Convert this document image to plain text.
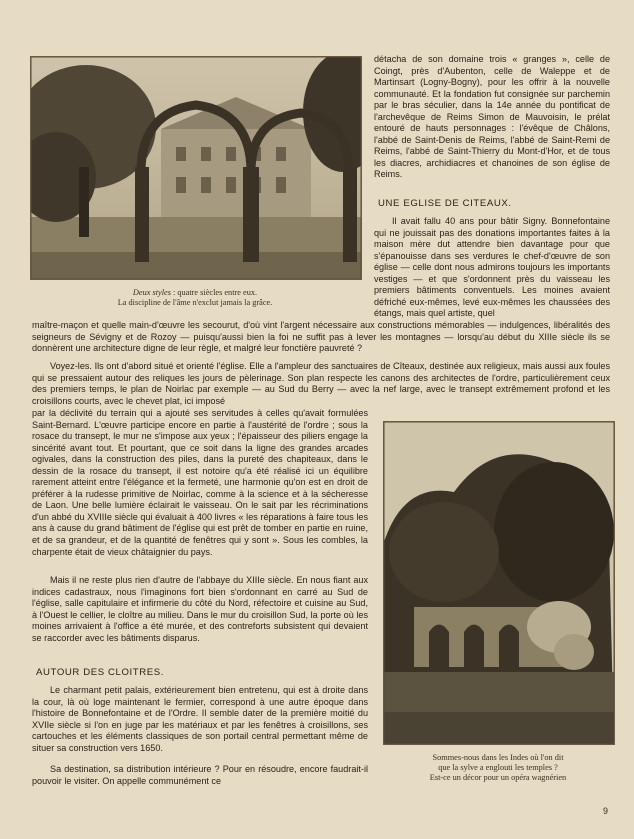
Deux styles : quatre siècles entre eux.
La discipline de l'âme n'exclut jamais la grâce.

détacha de son domaine trois « granges », celle de Coingt, près d'Aubenton, celle de Waleppe et de Martinsart (Logny-Bogny), pour les offrir à la nouvelle communauté. Et la fondation fut consignée sur parchemin par le bras séculier, dans la 14e année du pontificat de l'archevêque de Reims Simon de Mauvoisin, le prélat entouré de hauts personnages : l'évêque de Châlons, l'abbé de Saint-Denis de Reims, l'abbé de Saint-Remi de Reims, l'abbé de Saint-Thierry du Mont-d'Hor, et de tous les diacres, archidiacres et chanoines de son église de Reims.

UNE EGLISE DE CITEAUX.

Il avait fallu 40 ans pour bâtir Signy. Bonnefontaine qui ne jouissait pas des donations importantes faites à la maison mère dut attendre bien davantage pour que s'épanouisse dans ses verdures le chef-d'œuvre de son église — celle dont nous admirons toujours les importants vestiges — et que s'ordonnent près du vaisseau les premiers bâtiments conventuels. Les moines avaient défriché eux-mêmes, levé eux-mêmes les chaussées des étangs, mais quel artiste, quel

maître-maçon et quelle main-d'œuvre les secourut, d'où vint l'argent nécessaire aux constructions mémorables — indulgences, libéralités des seigneurs de Sévigny et de Rozoy — puisqu'aussi bien la foi ne suffit pas à lever les montagnes — lorsqu'au début du XIIIe siècle ils se donnèrent une architecture digne de leur règle, et malgré leur fonctière pauvreté ?

Voyez-les. Ils ont d'abord situé et orienté l'église. Elle a l'ampleur des sanctuaires de Cîteaux, destinée aux religieux, mais aussi aux foules qui se pressaient autour des reliques les jours de pèlerinage. Son plan respecte les canons des architectes de l'ordre, particulièrement ceux des premiers temps, le plan de Noirlac par exemple — au Sud du Berry — avec la nef large, avec le transept extrêmement profond et les croisillons courts, avec le chevet plat, ici imposé

par la déclivité du terrain qui a ajouté ses servitudes à celles qu'avait formulées Saint-Bernard. L'œuvre participe encore en partie à l'austérité de l'ordre ; sous la rosace du transept, le mur ne s'impose aux yeux ; l'épaisseur des piliers engage la sincérité avant tout. Et pourtant, que ce soit dans la ligne des grandes arcades ogivales, dans la construction des piles, dans la pureté des chapiteaux, dans le dessin de la rosace du transept, il est notoire qu'a été réalisé ici un équilibre rarement atteint entre l'élégance et la fermeté, une harmonie qu'on est en droit de préférer à la rudesse primitive de Noirlac, comme à la science et à la sécheresse de Laon. Une belle lumière éclairait le vaisseau. On le sait par les récriminations d'un abbé du XVIIIe siècle qui évaluait à 400 livres « les réparations à faire tous les ans à cause du grand bâtiment de l'église qui est prêt de tomber en partie en ruine, et de sa grandeur, et de la quantité de fenêtres qui y sont ». Sous les combles, la charpente était de vieux châtaignier du pays.

Mais il ne reste plus rien d'autre de l'abbaye du XIIIe siècle. En nous fiant aux indices cadastraux, nous l'imaginons fort bien s'ordonnant en carré au Sud de l'église, salle capitulaire et infirmerie du côté du Nord, réfectoire et cuisine au Sud, à l'Ouest le cellier, le cloître au milieu. Dans le mur du croisillon Sud, la porte où les moines arrivaient à l'office a été murée, et des contreforts subsistent qui devaient se raccorder avec les bâtiments disparus.

AUTOUR DES CLOITRES.

Le charmant petit palais, extérieurement bien entretenu, qui est à droite dans la cour, là où loge maintenant le fermier, correspond à une autre époque dans l'histoire de Bonnefontaine et de l'Ordre. Il semble dater de la première moitié du XVIIe siècle si l'on en juge par les matériaux et par les fenêtres à croisillons, ses cartouches et les éléments classiques de son portail central permettant même de situer sa construction vers 1650.

Sa destination, sa distribution intérieure ? Pour en résoudre, encore faudrait-il pouvoir le visiter. On appelle communément ce

Sommes-nous dans les Indes où l'on dit
que la sylve a englouti les temples ?
Est-ce un décor pour un opéra wagnérien
9
